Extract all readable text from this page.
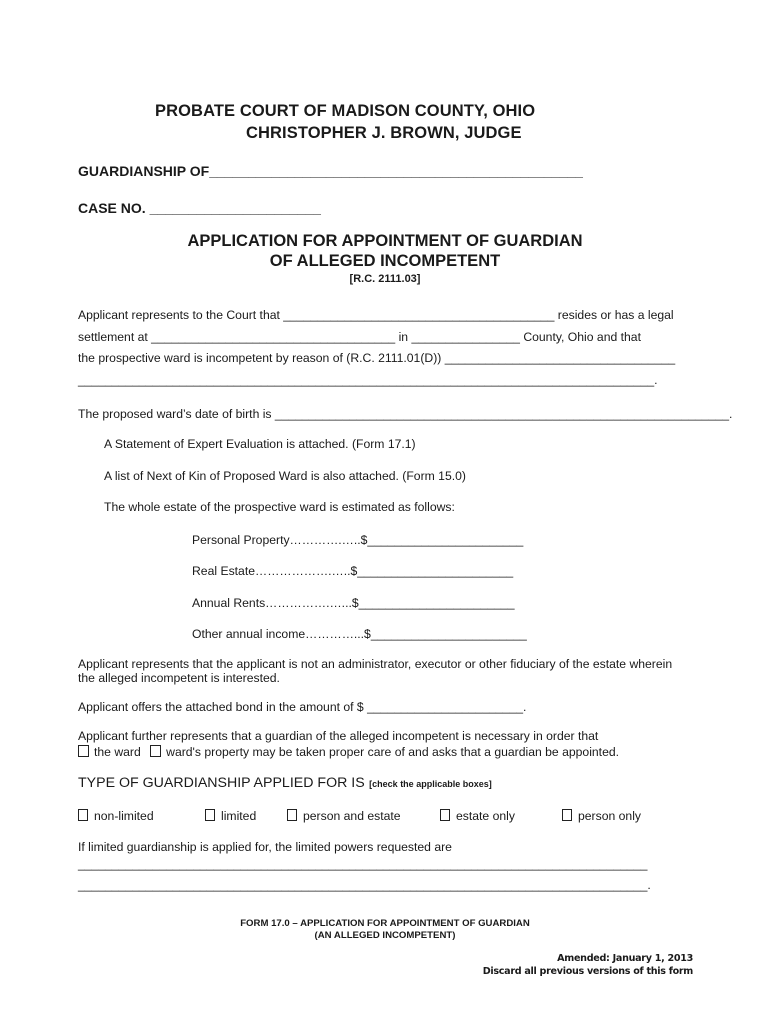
PROBATE COURT OF MADISON COUNTY, OHIO
CHRISTOPHER J. BROWN, JUDGE
GUARDIANSHIP OF________________________________________________
CASE NO. ______________________
APPLICATION FOR APPOINTMENT OF GUARDIAN
OF ALLEGED INCOMPETENT
[R.C. 2111.03]
Applicant represents to the Court that ________________________________________ resides or has a legal
settlement at ____________________________________ in ________________ County, Ohio and that
the prospective ward is incompetent by reason of (R.C. 2111.01(D)) __________________________________
_____________________________________________________________________________________.
The proposed ward’s date of birth is ___________________________________________________________________.
A Statement of Expert Evaluation is attached. (Form 17.1)
A list of Next of Kin of Proposed Ward is also attached. (Form 15.0)
The whole estate of the prospective ward is estimated as follows:
Personal Property………….…..$_______________________
Real Estate……………….…..$_______________________
Annual Rents…………….…...$_______________________
Other annual income…………...$_______________________
Applicant represents that the applicant is not an administrator, executor or other fiduciary of the estate wherein
the alleged incompetent is interested.
Applicant offers the attached bond in the amount of $ _______________________.
Applicant further represents that a guardian of the alleged incompetent is necessary in order that
the ward ward's property may be taken proper care of and asks that a guardian be appointed.
TYPE OF GUARDIANSHIP APPLIED FOR IS [check the applicable boxes]
non-limited	limited	person and estate	estate only	person only
If limited guardianship is applied for, the limited powers requested are
____________________________________________________________________________________
____________________________________________________________________________________.
FORM 17.0 – APPLICATION FOR APPOINTMENT OF GUARDIAN
(AN ALLEGED INCOMPETENT)
Amended: January 1, 2013
Discard all previous versions of this form
